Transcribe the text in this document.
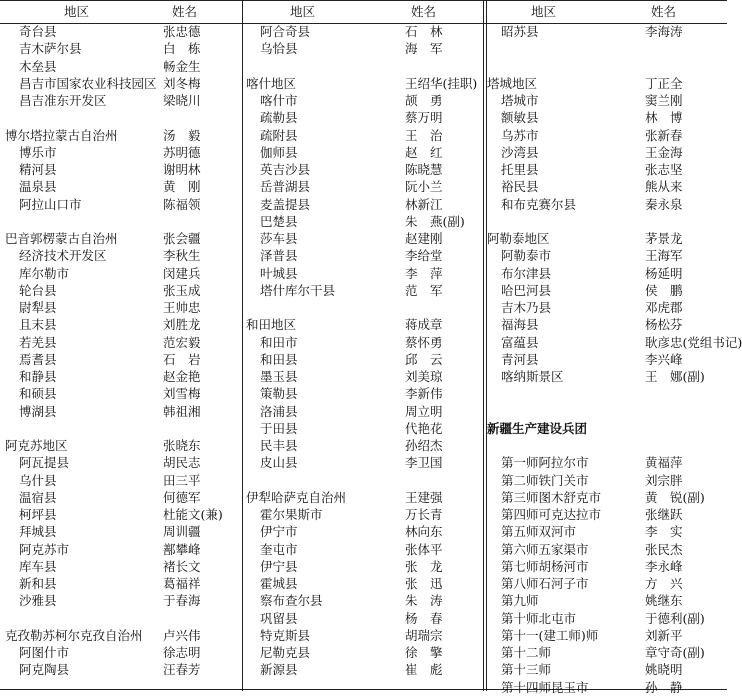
地区	姓名	地区	姓名	地区	姓名
奇台县	张忠德
吉木萨尔县	白　栋
木垒县	畅金生
昌吉市国家农业科技园区 刘冬梅
昌吉准东开发区	梁晓川
博尔塔拉蒙古自治州	汤　毅
博乐市	苏明德
精河县	谢明林
温泉县	黄　刚
阿拉山口市	陈福领
巴音郭楞蒙古自治州	张会疆
经济技术开发区	李秋生
库尔勒市	闵建兵
轮台县	张玉成
尉犁县	王帅忠
且末县	刘胜龙
若羌县	范宏毅
焉耆县	石　岩
和静县	赵金艳
和硕县	刘雪梅
博湖县	韩祖湘
阿克苏地区	张晓东
阿瓦提县	胡民志
乌什县	田三平
温宿县	何德军
柯坪县	杜能文(兼)
拜城县	周训疆
阿克苏市	鄯攀峰
库车县	褚长文
新和县	葛福祥
沙雅县	于春海
克孜勒苏柯尔克孜自治州 卢兴伟
阿图什市	徐志明
阿克陶县	汪春芳
阿合奇县	石　林
乌恰县	海　军
喀什地区	王绍华(挂职)
喀什市	颉　勇
疏勒县	蔡万明
疏附县	王　治
伽师县	赵　红
英吉沙县	陈晓慧
岳普湖县	阮小兰
麦盖提县	林新江
巴楚县	朱　燕(副)
莎车县	赵建刚
泽普县	李给堂
叶城县	李　萍
塔什库尔干县	范　军
和田地区	蒋成章
和田市	蔡怀勇
和田县	邱　云
墨玉县	刘美琼
策勒县	李新伟
洛浦县	周立明
于田县	代艳花
民丰县	孙绍杰
皮山县	李卫国
伊犁哈萨克自治州	王建强
霍尔果斯市	万长青
伊宁市	林向东
奎屯市	张体平
伊宁县	张　龙
霍城县	张　迅
察布查尔县	朱　涛
巩留县	杨　春
特克斯县	胡瑞宗
尼勒克县	徐　擎
新源县	崔　彪
昭苏县	李海涛
塔城地区	丁正全
塔城市	窦兰刚
额敏县	林　博
乌苏市	张新春
沙湾县	王金海
托里县	张志坚
裕民县	熊从来
和布克赛尔县	秦永泉
阿勒泰地区	茅景龙
阿勒泰市	王海军
布尔津县	杨延明
哈巴河县	侯　鹏
吉木乃县	邓虎郡
福海县	杨松芬
富蕴县	耿彦忠(党组书记)
青河县	李兴峰
喀纳斯景区	王　娜(副)
新疆生产建设兵团
第一师阿拉尔市	黄福萍
第二师铁门关市	刘宗胖
第三师图木舒克市	黄　锐(副)
第四师可克达拉市	张继跃
第五师双河市	李　实
第六师五家渠市	张民杰
第七师胡杨河市	李永峰
第八师石河子市	方　兴
第九师	姚继东
第十师北屯市	于德利(副)
第十一(建工师)师	刘新平
第十二师	章守奇(副)
第十三师	姚晓明
第十四师昆玉市	孙　静
